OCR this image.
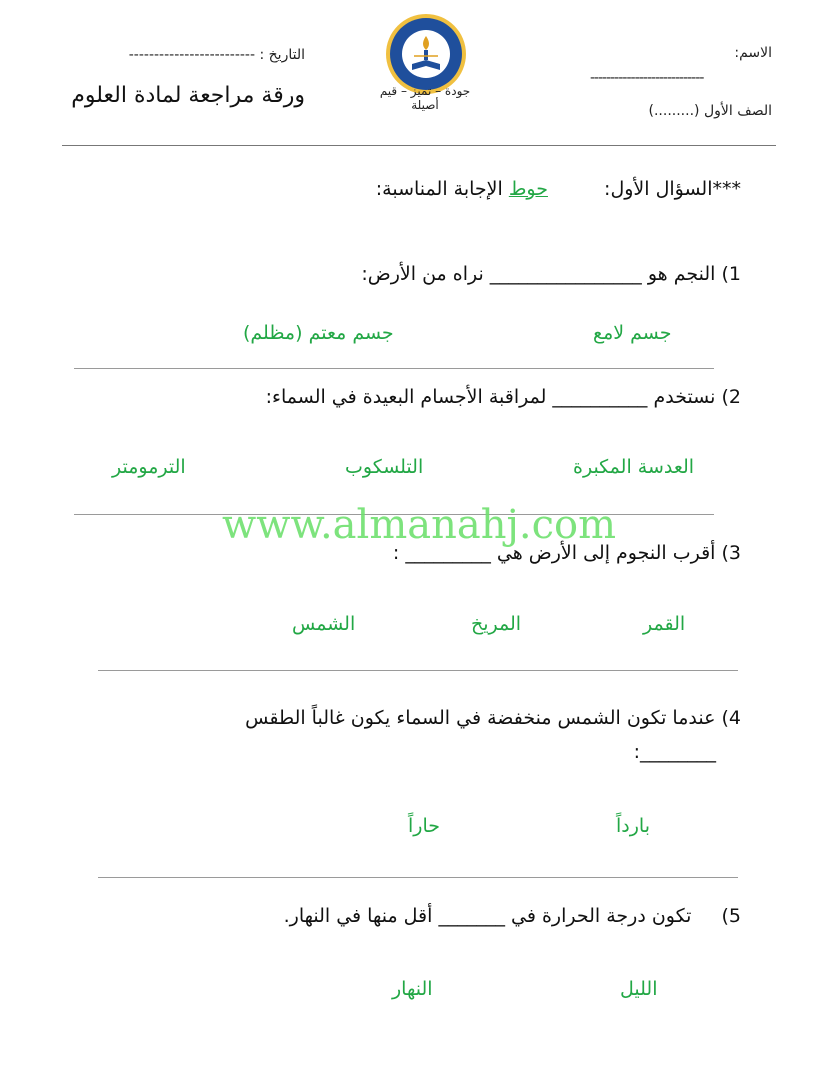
الاسم:
----------------------------
الصف الأول (.........)
التاريخ : -------------------------
ورقة مراجعة لمادة العلوم	جودة – تميز – قيم
أصيلة
***السؤال الأول:  حوط الإجابة المناسبة:
1) النجم هو ________________ نراه من الأرض:
جسم لامع
جسم معتم (مظلم)
2) نستخدم __________ لمراقبة الأجسام البعيدة في السماء:
العدسة المكبرة
التلسكوب
الترمومتر
www.almanahj.com
3) أقرب النجوم إلى الأرض هي _________ :
القمر
المريخ
الشمس
4) عندما تكون الشمس منخفضة في السماء يكون غالباً الطقس
________:
بارداً
حاراً
5)  تكون درجة الحرارة في _______ أقل منها في النهار.
الليل
النهار
